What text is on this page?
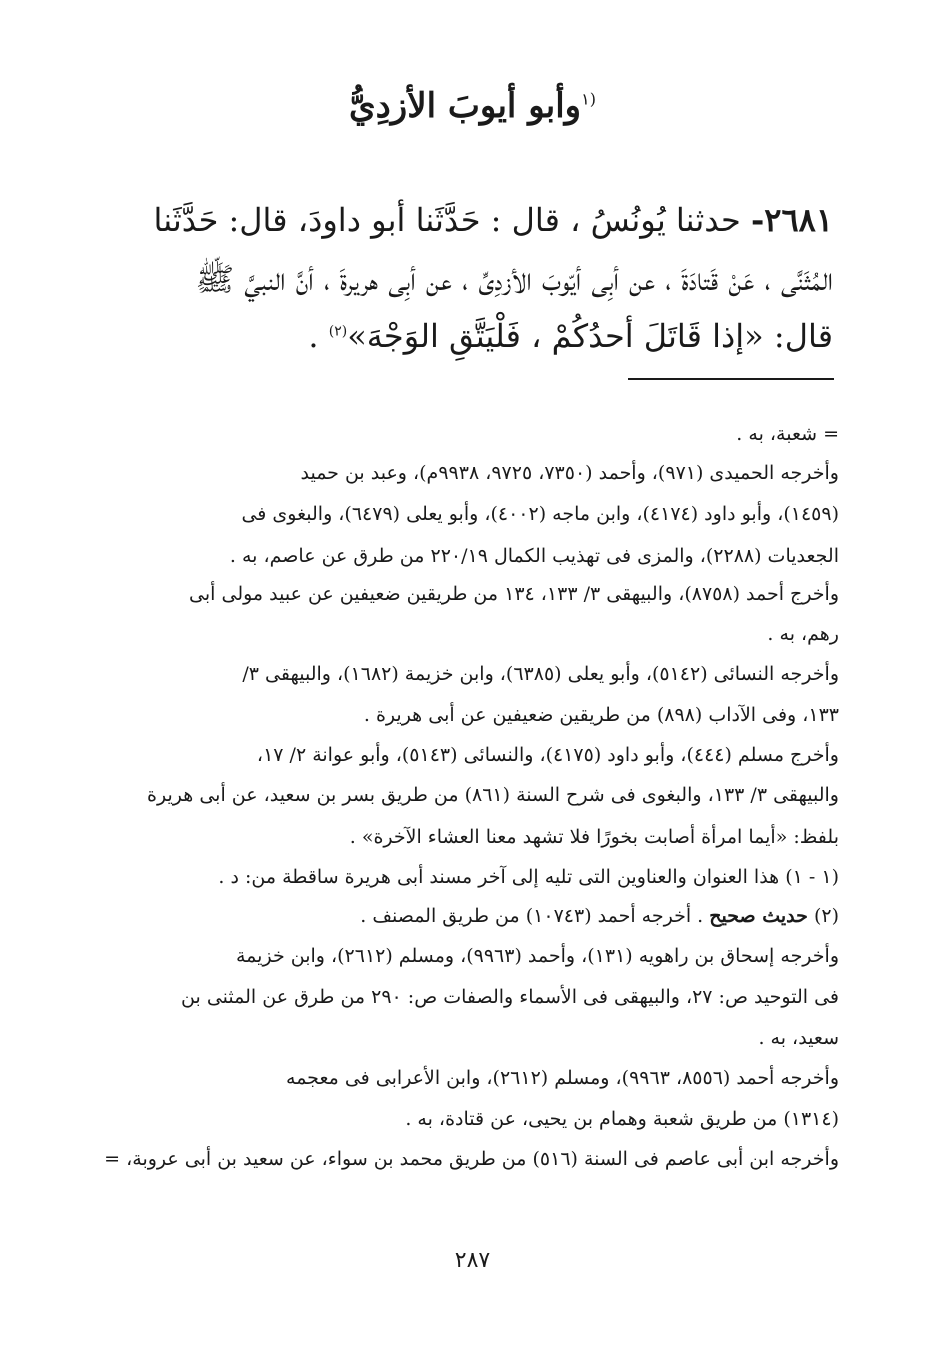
$^{(١}$وأبو أيوبَ الأزدِيُّ
٢٦٨١- حدثنا يُونُسُ ، قال : حَدَّثَنا أبو داودَ، قال: حَدَّثَنا
المُثَنَّى ، عَنْ قَتادَةَ ، عن أبِى أيّوبَ الأزدِىِّ ، عن أبِى هريرةَ ، أنَّ النبيَّ ﷺ
قال: «إذا قَاتَلَ أحدُكُمْ ، فَلْيَتَّقِ الوَجْهَ»$^{(٢)}$ .
= شعبة، به .
وأخرجه الحميدى (٩٧١)، وأحمد (٧٣٥٠، ٩٧٢٥، ٩٩٣٨م)، وعبد بن حميد
(١٤٥٩)، وأبو داود (٤١٧٤)، وابن ماجه (٤٠٠٢)، وأبو يعلى (٦٤٧٩)، والبغوى فى
الجعديات (٢٢٨٨)، والمزى فى تهذيب الكمال ٢٢٠/١٩ من طرق عن عاصم، به .
وأخرج أحمد (٨٧٥٨)، والبيهقى ٣/ ١٣٣، ١٣٤ من طريقين ضعيفين عن عبيد مولى أبى
رهم، به .
وأخرجه النسائى (٥١٤٢)، وأبو يعلى (٦٣٨٥)، وابن خزيمة (١٦٨٢)، والبيهقى ٣/
١٣٣، وفى الآداب (٨٩٨) من طريقين ضعيفين عن أبى هريرة .
وأخرج مسلم (٤٤٤)، وأبو داود (٤١٧٥)، والنسائى (٥١٤٣)، وأبو عوانة ٢/ ١٧،
والبيهقى ٣/ ١٣٣، والبغوى فى شرح السنة (٨٦١) من طريق بسر بن سعيد، عن أبى هريرة
بلفظ: «أيما امرأة أصابت بخورًا فلا تشهد معنا العشاء الآخرة» .
(١ - ١) هذا العنوان والعناوين التى تليه إلى آخر مسند أبى هريرة ساقطة من: د .
(٢) حديث صحيح . أخرجه أحمد (١٠٧٤٣) من طريق المصنف .
وأخرجه إسحاق بن راهويه (١٣١)، وأحمد (٩٩٦٣)، ومسلم (٢٦١٢)، وابن خزيمة
فى التوحيد ص: ٢٧، والبيهقى فى الأسماء والصفات ص: ٢٩٠ من طرق عن المثنى بن
سعيد، به .
وأخرجه أحمد (٨٥٥٦، ٩٩٦٣)، ومسلم (٢٦١٢)، وابن الأعرابى فى معجمه
(١٣١٤) من طريق شعبة وهمام بن يحيى، عن قتادة، به .
وأخرجه ابن أبى عاصم فى السنة (٥١٦) من طريق محمد بن سواء، عن سعيد بن أبى عروبة، =
٢٨٧
